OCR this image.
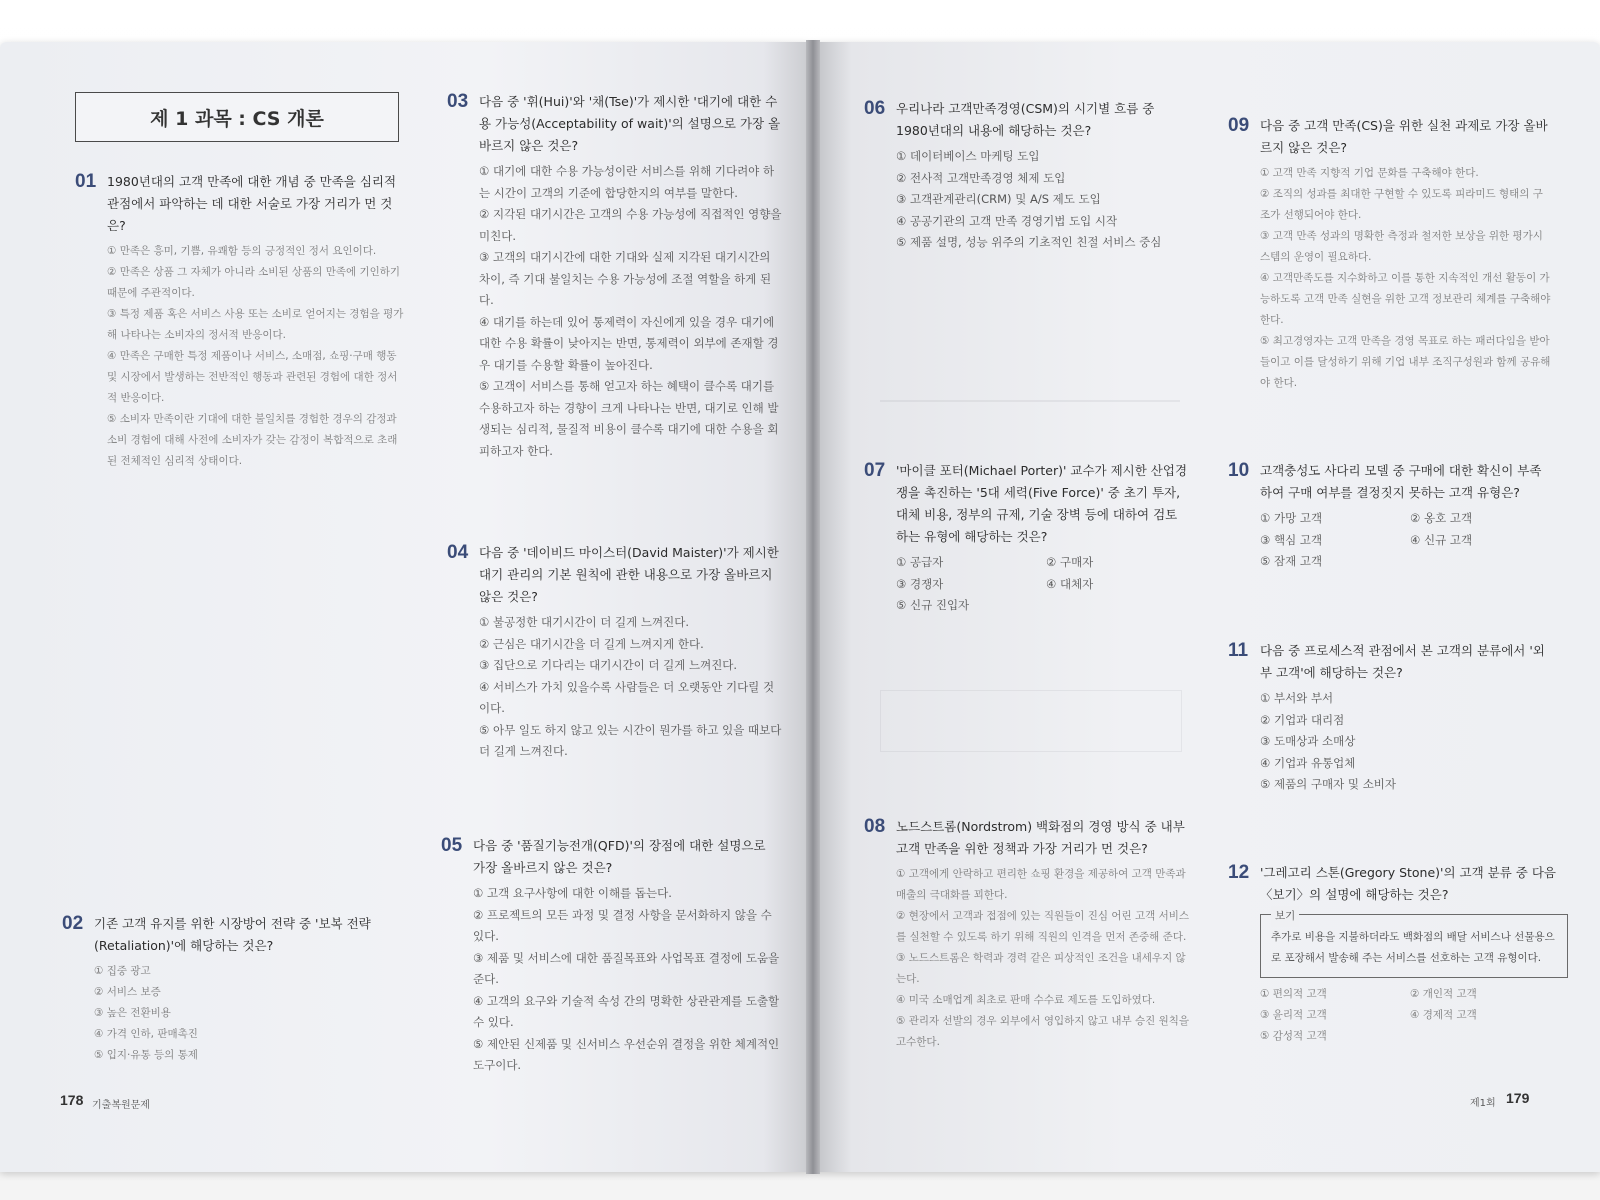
제 1 과목 : CS 개론
01 1980년대의 고객 만족에 대한 개념 중 만족을 심리적 관점에서 파악하는 데 대한 서술로 가장 거리가 먼 것은?
① 만족은 흥미, 기쁨, 유쾌함 등의 긍정적인 정서 요인이다.
② 만족은 상품 그 자체가 아니라 소비된 상품의 만족에 기인하기 때문에 주관적이다.
③ 특정 제품 혹은 서비스 사용 또는 소비로 얻어지는 경험을 평가해 나타나는 소비자의 정서적 반응이다.
④ 만족은 구매한 특정 제품이나 서비스, 소매점, 쇼핑·구매 행동 및 시장에서 발생하는 전반적인 행동과 관련된 경험에 대한 정서적 반응이다.
⑤ 소비자 만족이란 기대에 대한 불일치를 경험한 경우의 감정과 소비 경험에 대해 사전에 소비자가 갖는 감정이 복합적으로 초래된 전체적인 심리적 상태이다.
02 기존 고객 유지를 위한 시장방어 전략 중 '보복 전략(Retaliation)'에 해당하는 것은?
① 집중 광고
② 서비스 보증
③ 높은 전환비용
④ 가격 인하, 판매촉진
⑤ 입지·유통 등의 통제
178 기출복원문제
03 다음 중 '휘(Hui)'와 '채(Tse)'가 제시한 '대기에 대한 수용 가능성(Acceptability of wait)'의 설명으로 가장 올바르지 않은 것은?
① 대기에 대한 수용 가능성이란 서비스를 위해 기다려야 하는 시간이 고객의 기준에 합당한지의 여부를 말한다.
② 지각된 대기시간은 고객의 수용 가능성에 직접적인 영향을 미친다.
③ 고객의 대기시간에 대한 기대와 실제 지각된 대기시간의 차이, 즉 기대 불일치는 수용 가능성에 조절 역할을 하게 된다.
④ 대기를 하는데 있어 통제력이 자신에게 있을 경우 대기에 대한 수용 확률이 낮아지는 반면, 통제력이 외부에 존재할 경우 대기를 수용할 확률이 높아진다.
⑤ 고객이 서비스를 통해 얻고자 하는 혜택이 클수록 대기를 수용하고자 하는 경향이 크게 나타나는 반면, 대기로 인해 발생되는 심리적, 물질적 비용이 클수록 대기에 대한 수용을 회피하고자 한다.
04 다음 중 '데이비드 마이스터(David Maister)'가 제시한 대기 관리의 기본 원칙에 관한 내용으로 가장 올바르지 않은 것은?
① 불공정한 대기시간이 더 길게 느껴진다.
② 근심은 대기시간을 더 길게 느껴지게 한다.
③ 집단으로 기다리는 대기시간이 더 길게 느껴진다.
④ 서비스가 가치 있을수록 사람들은 더 오랫동안 기다릴 것이다.
⑤ 아무 일도 하지 않고 있는 시간이 뭔가를 하고 있을 때보다 더 길게 느껴진다.
05 다음 중 '품질기능전개(QFD)'의 장점에 대한 설명으로 가장 올바르지 않은 것은?
① 고객 요구사항에 대한 이해를 돕는다.
② 프로젝트의 모든 과정 및 결정 사항을 문서화하지 않을 수 있다.
③ 제품 및 서비스에 대한 품질목표와 사업목표 결정에 도움을 준다.
④ 고객의 요구와 기술적 속성 간의 명확한 상관관계를 도출할 수 있다.
⑤ 제안된 신제품 및 신서비스 우선순위 결정을 위한 체계적인 도구이다.
06 우리나라 고객만족경영(CSM)의 시기별 흐름 중 1980년대의 내용에 해당하는 것은?
① 데이터베이스 마케팅 도입
② 전사적 고객만족경영 체제 도입
③ 고객관계관리(CRM) 및 A/S 제도 도입
④ 공공기관의 고객 만족 경영기법 도입 시작
⑤ 제품 설명, 성능 위주의 기초적인 친절 서비스 중심
07 '마이클 포터(Michael Porter)' 교수가 제시한 산업경쟁을 촉진하는 '5대 세력(Five Force)' 중 초기 투자, 대체 비용, 정부의 규제, 기술 장벽 등에 대하여 검토하는 유형에 해당하는 것은?
① 공급자	② 구매자
③ 경쟁자	④ 대체자
⑤ 신규 진입자
08 노드스트롬(Nordstrom) 백화점의 경영 방식 중 내부고객 만족을 위한 정책과 가장 거리가 먼 것은?
① 고객에게 안락하고 편리한 쇼핑 환경을 제공하여 고객 만족과 매출의 극대화를 꾀한다.
② 현장에서 고객과 접점에 있는 직원들이 진심 어린 고객 서비스를 실천할 수 있도록 하기 위해 직원의 인격을 먼저 존중해 준다.
③ 노드스트롬은 학력과 경력 같은 피상적인 조건을 내세우지 않는다.
④ 미국 소매업계 최초로 판매 수수료 제도를 도입하였다.
⑤ 관리자 선발의 경우 외부에서 영입하지 않고 내부 승진 원칙을 고수한다.
09 다음 중 고객 만족(CS)을 위한 실천 과제로 가장 올바르지 않은 것은?
① 고객 만족 지향적 기업 문화를 구축해야 한다.
② 조직의 성과를 최대한 구현할 수 있도록 피라미드 형태의 구조가 선행되어야 한다.
③ 고객 만족 성과의 명확한 측정과 철저한 보상을 위한 평가시스템의 운영이 필요하다.
④ 고객만족도를 지수화하고 이를 통한 지속적인 개선 활동이 가능하도록 고객 만족 실현을 위한 고객 정보관리 체계를 구축해야 한다.
⑤ 최고경영자는 고객 만족을 경영 목표로 하는 패러다임을 받아들이고 이를 달성하기 위해 기업 내부 조직구성원과 함께 공유해야 한다.
10 고객충성도 사다리 모델 중 구매에 대한 확신이 부족하여 구매 여부를 결정짓지 못하는 고객 유형은?
① 가망 고객	② 옹호 고객
③ 핵심 고객	④ 신규 고객
⑤ 잠재 고객
11 다음 중 프로세스적 관점에서 본 고객의 분류에서 '외부 고객'에 해당하는 것은?
① 부서와 부서
② 기업과 대리점
③ 도매상과 소매상
④ 기업과 유통업체
⑤ 제품의 구매자 및 소비자
12 '그레고리 스톤(Gregory Stone)'의 고객 분류 중 다음 〈보기〉의 설명에 해당하는 것은?
보기
추가로 비용을 지불하더라도 백화점의 배달 서비스나 선물용으로 포장해서 발송해 주는 서비스를 선호하는 고객 유형이다.
① 편의적 고객	② 개인적 고객
③ 윤리적 고객	④ 경제적 고객
⑤ 감성적 고객
제1회 179
